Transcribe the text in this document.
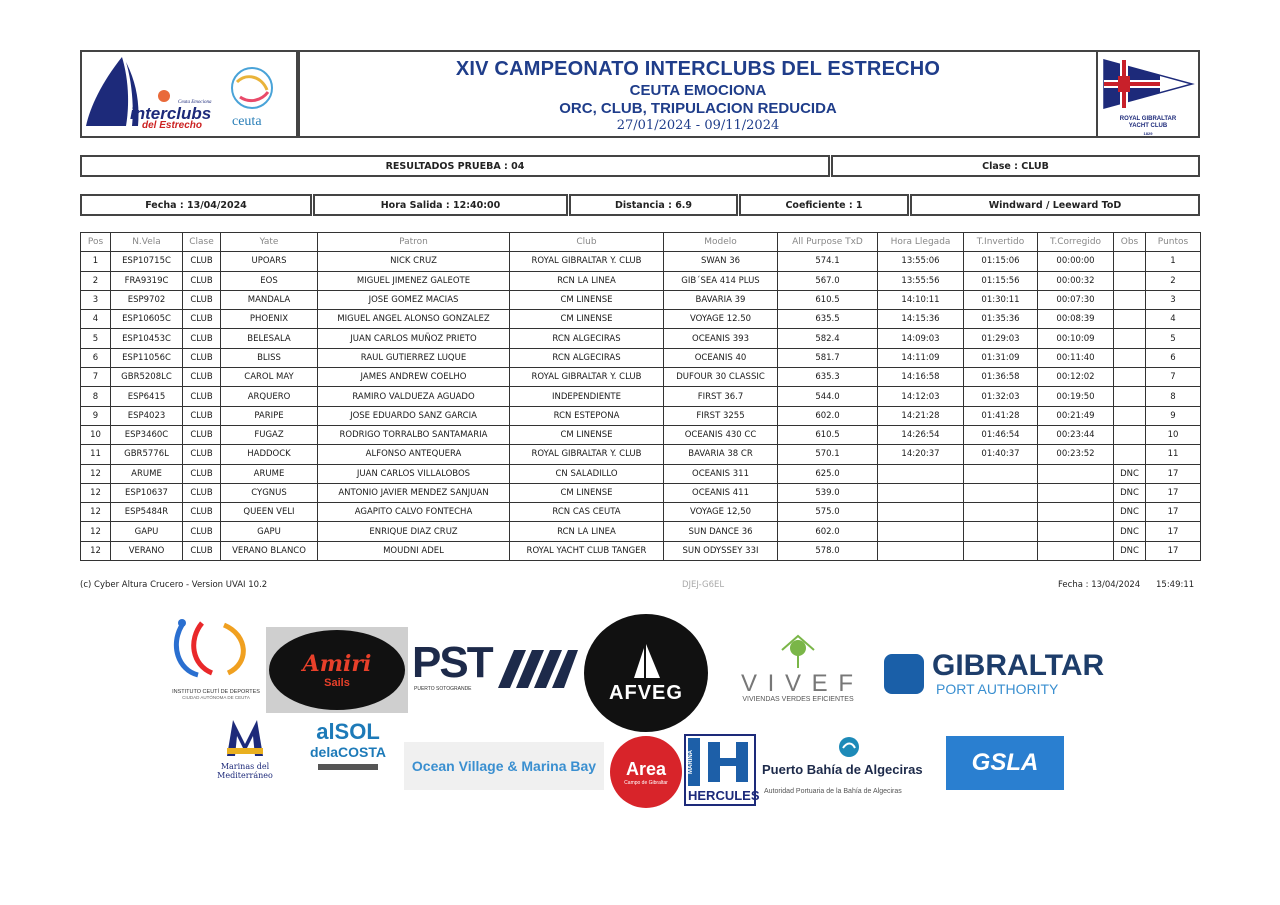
interclubs
del Estrecho ceuta
Ceuta Emociona
XIV CAMPEONATO INTERCLUBS DEL ESTRECHO
CEUTA EMOCIONA
ORC, CLUB, TRIPULACION REDUCIDA
27/01/2024 - 09/11/2024	ROYAL GIBRALTAR
YACHT CLUB
1829
RESULTADOS PRUEBA : 04	Clase : CLUB
Fecha : 13/04/2024	Hora Salida : 12:40:00	Distancia : 6.9	Coeficiente : 1	Windward / Leeward ToD
Pos	N.Vela	Clase	Yate	Patron	Club	Modelo	All Purpose TxD	Hora Llegada	T.Invertido	T.Corregido	Obs	Puntos
1	ESP10715C	CLUB	UPOARS	NICK CRUZ	ROYAL GIBRALTAR Y. CLUB	SWAN 36	574.1	13:55:06	01:15:06	00:00:00		1
2	FRA9319C	CLUB	EOS	MIGUEL JIMENEZ GALEOTE	RCN LA LINEA	GIB´SEA 414 PLUS	567.0	13:55:56	01:15:56	00:00:32		2
3	ESP9702	CLUB	MANDALA	JOSE GOMEZ MACIAS	CM LINENSE	BAVARIA 39	610.5	14:10:11	01:30:11	00:07:30		3
4	ESP10605C	CLUB	PHOENIX	MIGUEL ANGEL ALONSO GONZALEZ	CM LINENSE	VOYAGE 12.50	635.5	14:15:36	01:35:36	00:08:39		4
5	ESP10453C	CLUB	BELESALA	JUAN CARLOS MUÑOZ PRIETO	RCN ALGECIRAS	OCEANIS 393	582.4	14:09:03	01:29:03	00:10:09		5
6	ESP11056C	CLUB	BLISS	RAUL GUTIERREZ LUQUE	RCN ALGECIRAS	OCEANIS 40	581.7	14:11:09	01:31:09	00:11:40		6
7	GBR5208LC	CLUB	CAROL MAY	JAMES ANDREW COELHO	ROYAL GIBRALTAR Y. CLUB	DUFOUR 30 CLASSIC	635.3	14:16:58	01:36:58	00:12:02		7
8	ESP6415	CLUB	ARQUERO	RAMIRO VALDUEZA AGUADO	INDEPENDIENTE	FIRST 36.7	544.0	14:12:03	01:32:03	00:19:50		8
9	ESP4023	CLUB	PARIPE	JOSE EDUARDO SANZ GARCIA	RCN ESTEPONA	FIRST 3255	602.0	14:21:28	01:41:28	00:21:49		9
10	ESP3460C	CLUB	FUGAZ	RODRIGO TORRALBO SANTAMARIA	CM LINENSE	OCEANIS 430 CC	610.5	14:26:54	01:46:54	00:23:44		10
11	GBR5776L	CLUB	HADDOCK	ALFONSO ANTEQUERA	ROYAL GIBRALTAR Y. CLUB	BAVARIA 38 CR	570.1	14:20:37	01:40:37	00:23:52		11
12	ARUME	CLUB	ARUME	JUAN CARLOS VILLALOBOS	CN SALADILLO	OCEANIS 311	625.0				DNC	17
12	ESP10637	CLUB	CYGNUS	ANTONIO JAVIER MENDEZ SANJUAN	CM LINENSE	OCEANIS 411	539.0				DNC	17
12	ESP5484R	CLUB	QUEEN VELI	AGAPITO CALVO FONTECHA	RCN CAS CEUTA	VOYAGE 12,50	575.0				DNC	17
12	GAPU	CLUB	GAPU	ENRIQUE DIAZ CRUZ	RCN LA LINEA	SUN DANCE 36	602.0				DNC	17
12	VERANO	CLUB	VERANO BLANCO	MOUDNI ADEL	ROYAL YACHT CLUB TANGER	SUN ODYSSEY 33I	578.0				DNC	17
(c) Cyber Altura Crucero - Version UVAI 10.2	DJEJ-G6EL	Fecha : 13/04/2024 15:49:11
INSTITUTO CEUTÍ DE DEPORTES
CIUDAD AUTÓNOMA DE CEUTA
Amiri
Sails PST
PUERTO SOTOGRANDE	AFVEG	V I V E F
VIVIENDAS VERDES EFICIENTES
GIBRALTAR
PORT AUTHORITY
Marinas del Mediterráneo
alSOL
delaCOSTA
Ocean Village & Marina Bay Area
Campo de Gibraltar
MARINA
HERCULES
Puerto Bahía de Algeciras
Autoridad Portuaria de la Bahía de Algeciras
GSLA
